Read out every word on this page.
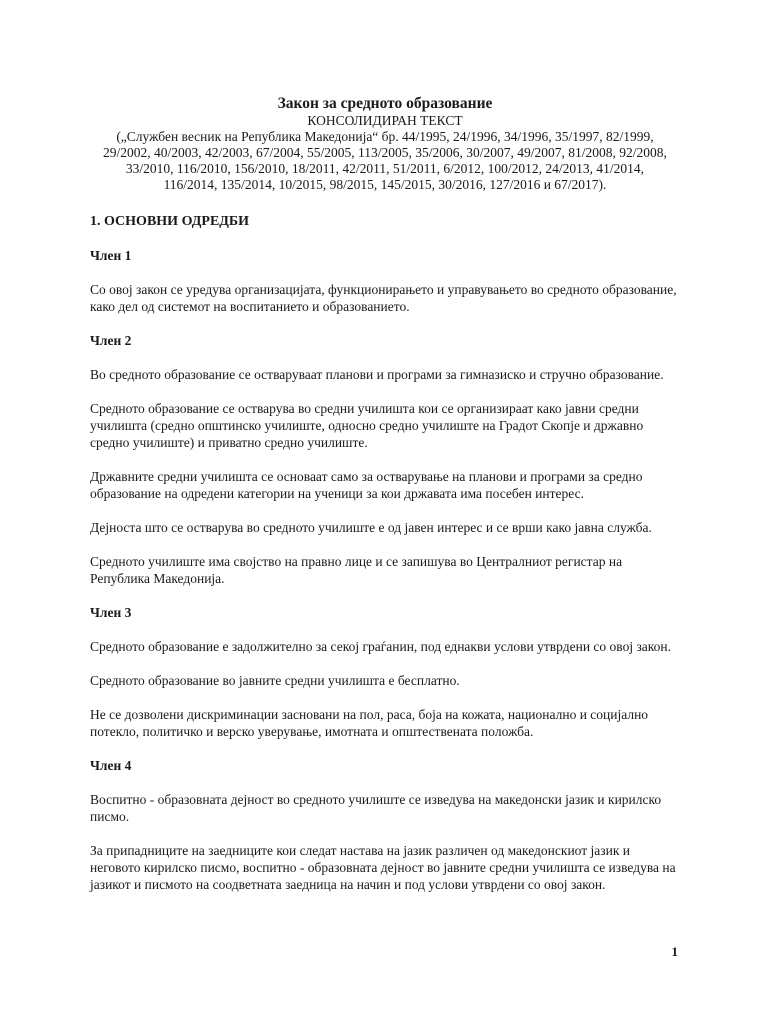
Закон за средното образование
КОНСОЛИДИРАН ТЕКСТ
(„Службен весник на Република Македонија“ бр. 44/1995, 24/1996, 34/1996, 35/1997, 82/1999,
29/2002, 40/2003, 42/2003, 67/2004, 55/2005, 113/2005, 35/2006, 30/2007, 49/2007, 81/2008, 92/2008,
33/2010, 116/2010, 156/2010, 18/2011, 42/2011, 51/2011, 6/2012, 100/2012, 24/2013, 41/2014,
116/2014, 135/2014, 10/2015, 98/2015, 145/2015, 30/2016, 127/2016 и 67/2017).
1. ОСНОВНИ ОДРЕДБИ
Член 1
Со овој закон се уредува организацијата, функционирањето и управувањето во средното образование, како дел од системот на воспитанието и образованието.
Член 2
Во средното образование се остваруваат планови и програми за гимназиско и стручно образование.
Средното образование се остварува во средни училишта кои се организираат како јавни средни училишта (средно општинско училиште, односно средно училиште на Градот Скопје и државно средно училиште) и приватно средно училиште.
Државните средни училишта се основаат само за остварување на планови и програми за средно образование на одредени категории на ученици за кои државата има посебен интерес.
Дејноста што се остварува во средното училиште е од јавен интерес и се врши како јавна служба.
Средното училиште има својство на правно лице и се запишува во Централниот регистар на Република Македонија.
Член 3
Средното образование е задолжително за секој граѓанин, под еднакви услови утврдени со овој закон.
Средното образование во јавните средни училишта е бесплатно.
Не се дозволени дискриминации засновани на пол, раса, боја на кожата, национално и социјално потекло, политичко и верско уверување, имотната и општествената положба.
Член 4
Воспитно - образовната дејност во средното училиште се изведува на македонски јазик и кирилско писмо.
За припадниците на заедниците кои следат настава на јазик различен од македонскиот јазик и неговото кирилско писмо, воспитно - образовната дејност во јавните средни училишта се изведува на јазикот и писмото на соодветната заедница на начин и под услови утврдени со овој закон.
1
